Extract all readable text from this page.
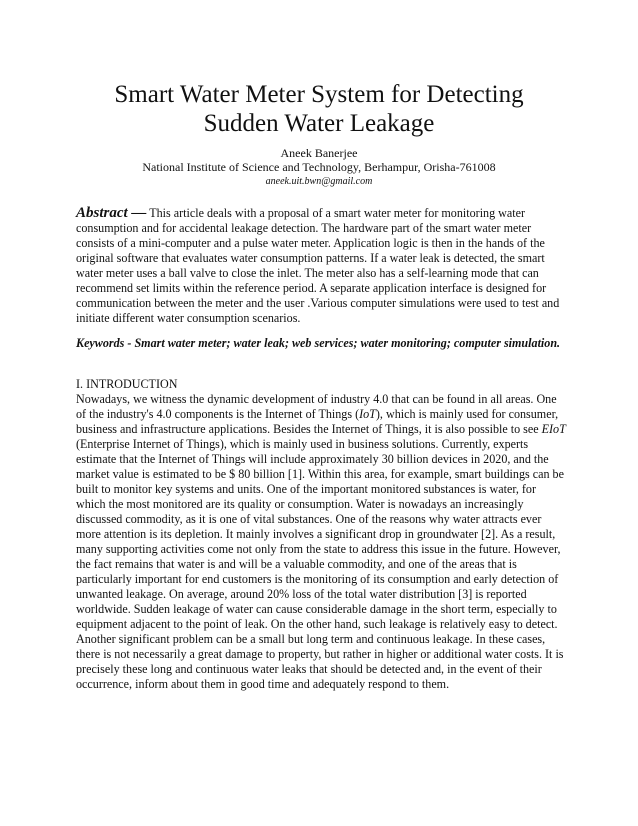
Smart Water Meter System for Detecting
Sudden Water Leakage
Aneek Banerjee
National Institute of Science and Technology, Berhampur, Orisha-761008
aneek.uit.bwn@gmail.com
Abstract — This article deals with a proposal of a smart water meter for monitoring water consumption and for accidental leakage detection. The hardware part of the smart water meter consists of a mini-computer and a pulse water meter. Application logic is then in the hands of the original software that evaluates water consumption patterns. If a water leak is detected, the smart water meter uses a ball valve to close the inlet. The meter also has a self-learning mode that can recommend set limits within the reference period. A separate application interface is designed for communication between the meter and the user .Various computer simulations were used to test and initiate different water consumption scenarios.
Keywords - Smart water meter; water leak; web services; water monitoring; computer simulation.
I. INTRODUCTION
Nowadays, we witness the dynamic development of industry 4.0 that can be found in all areas. One of the industry's 4.0 components is the Internet of Things (IoT), which is mainly used for consumer, business and infrastructure applications. Besides the Internet of Things, it is also possible to see EIoT (Enterprise Internet of Things), which is mainly used in business solutions. Currently, experts estimate that the Internet of Things will include approximately 30 billion devices in 2020, and the market value is estimated to be $ 80 billion [1]. Within this area, for example, smart buildings can be built to monitor key systems and units. One of the important monitored substances is water, for which the most monitored are its quality or consumption. Water is nowadays an increasingly discussed commodity, as it is one of vital substances. One of the reasons why water attracts ever more attention is its depletion. It mainly involves a significant drop in groundwater [2]. As a result, many supporting activities come not only from the state to address this issue in the future. However, the fact remains that water is and will be a valuable commodity, and one of the areas that is particularly important for end customers is the monitoring of its consumption and early detection of unwanted leakage. On average, around 20% loss of the total water distribution [3] is reported worldwide. Sudden leakage of water can cause considerable damage in the short term, especially to equipment adjacent to the point of leak. On the other hand, such leakage is relatively easy to detect. Another significant problem can be a small but long term and continuous leakage. In these cases, there is not necessarily a great damage to property, but rather in higher or additional water costs. It is precisely these long and continuous water leaks that should be detected and, in the event of their occurrence, inform about them in good time and adequately respond to them.
